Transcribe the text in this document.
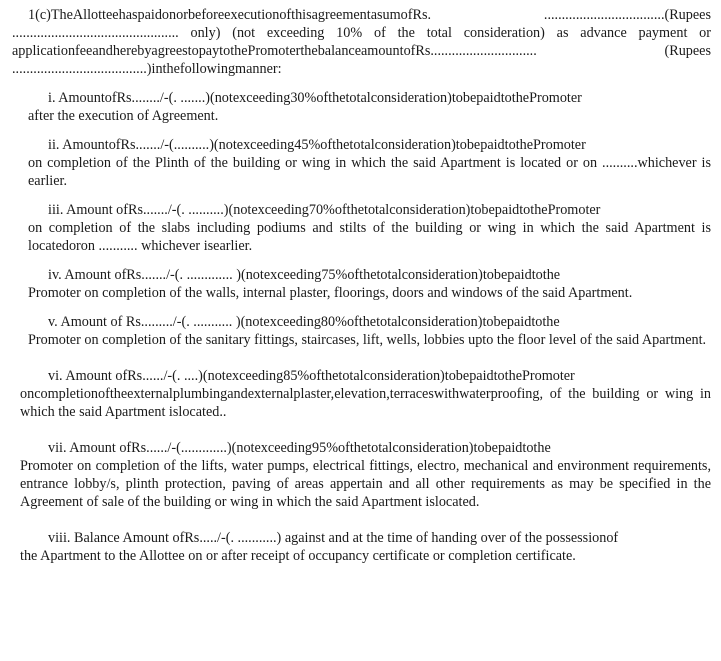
1(c)TheAllotteehaspaidonorbeforeexecutionofthisagreementasumofRs. ..................................(Rupees ............................................... only) (not exceeding 10% of the total consideration) as advance payment or applicationfeeandherebyagreestopaytothePromoterthebalanceamountofRs.............................. (Rupees ......................................)inthefollowingmanner:

i. AmountofRs......../-(. .......)(notexceeding30%ofthetotalconsideration)tobepaidtothePromoter
after the execution of Agreement.
ii. AmountofRs......./-(..........)(notexceeding45%ofthetotalconsideration)tobepaidtothePromoter
on completion of the Plinth of the building or wing in which the said Apartment is located or on ..........whichever is earlier.
iii. Amount ofRs......./-(. ..........)(notexceeding70%ofthetotalconsideration)tobepaidtothePromoter
on completion of the slabs including podiums and stilts of the building or wing in which the said Apartment is locatedoron ........... whichever isearlier.
iv. Amount ofRs......./-(. ............. )(notexceeding75%ofthetotalconsideration)tobepaidtothe
Promoter on completion of the walls, internal plaster, floorings, doors and windows of the said Apartment.
v. Amount of Rs........./-(. ........... )(notexceeding80%ofthetotalconsideration)tobepaidtothe
Promoter on completion of the sanitary fittings, staircases, lift, wells, lobbies upto the floor level of the said Apartment.
vi. Amount ofRs....../-(. ....)(notexceeding85%ofthetotalconsideration)tobepaidtothePromoter
oncompletionoftheexternalplumbingandexternalplaster,elevation,terraceswithwaterproofing, of the building or wing in which the said Apartment islocated..
vii. Amount ofRs....../-(.............)(notexceeding95%ofthetotalconsideration)tobepaidtothe
Promoter on completion of the lifts, water pumps, electrical fittings, electro, mechanical and environment requirements, entrance lobby/s, plinth protection, paving of areas appertain and all other requirements as may be specified in the Agreement of sale of the building or wing in which the said Apartment islocated.
viii. Balance Amount ofRs...../-(. ...........) against and at the time of handing over of the possessionof
the Apartment to the Allottee on or after receipt of occupancy certificate or completion certificate.
